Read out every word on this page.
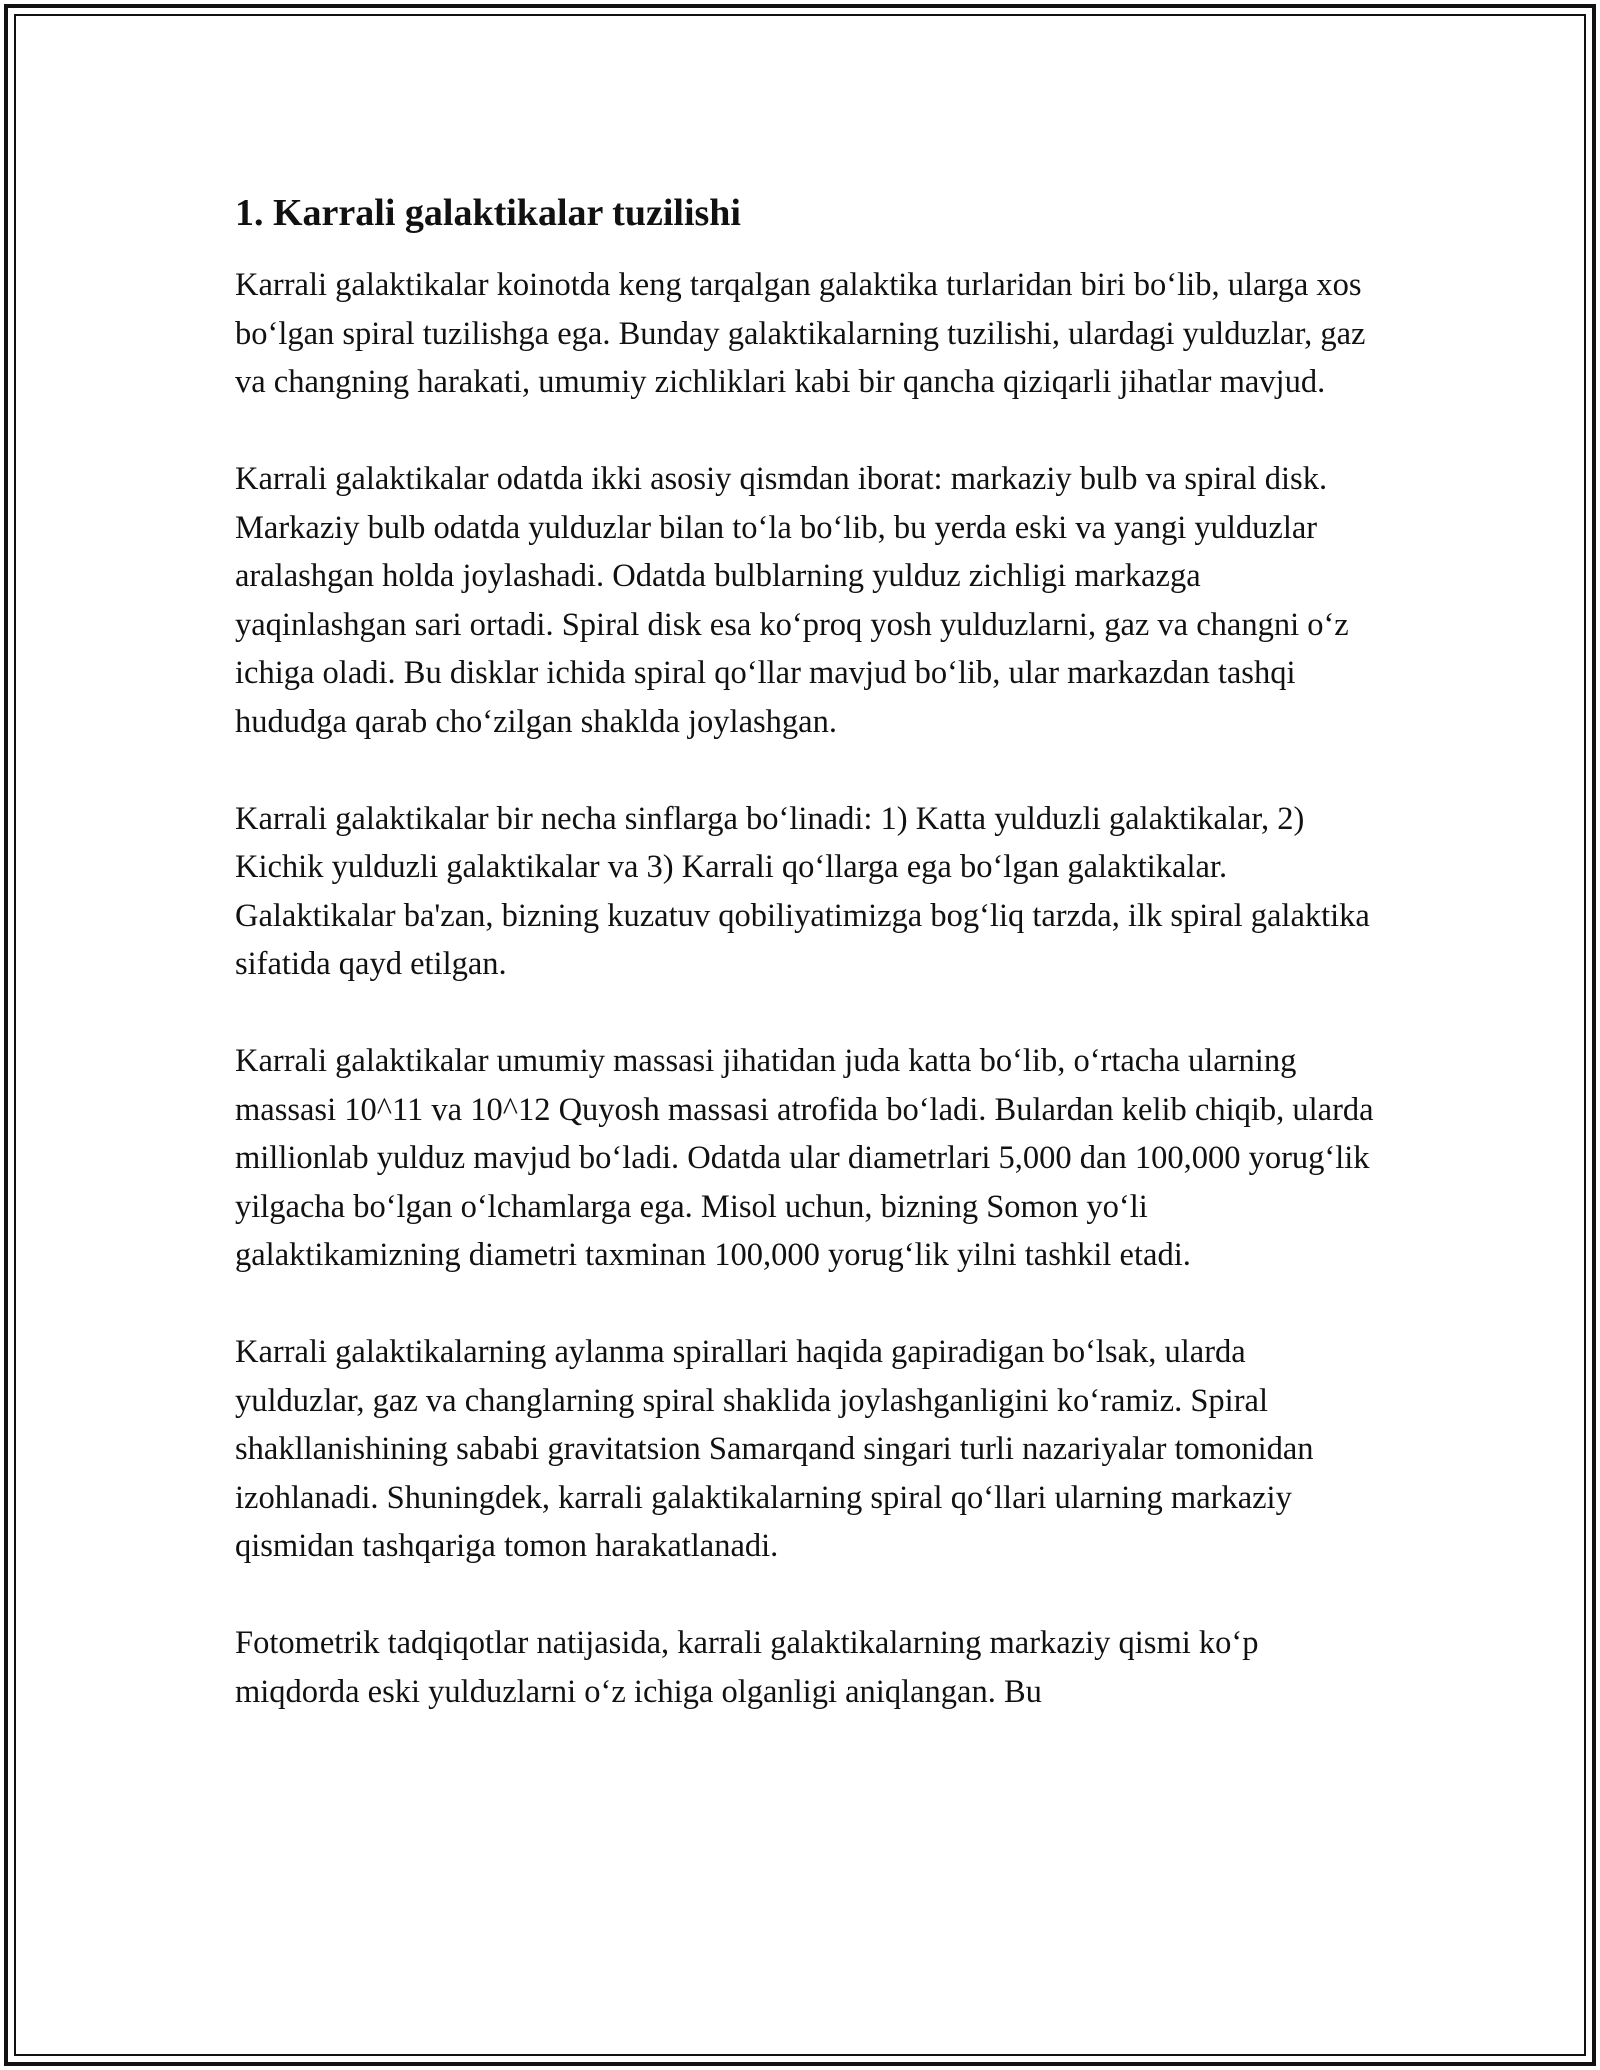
1. Karrali galaktikalar tuzilishi

Karrali galaktikalar koinotda keng tarqalgan galaktika turlaridan biri bo‘lib, ularga xos bo‘lgan spiral tuzilishga ega. Bunday galaktikalarning tuzilishi, ulardagi yulduzlar, gaz va changning harakati, umumiy zichliklari kabi bir qancha qiziqarli jihatlar mavjud.

Karrali galaktikalar odatda ikki asosiy qismdan iborat: markaziy bulb va spiral disk. Markaziy bulb odatda yulduzlar bilan to‘la bo‘lib, bu yerda eski va yangi yulduzlar aralashgan holda joylashadi. Odatda bulblarning yulduz zichligi markazga yaqinlashgan sari ortadi. Spiral disk esa ko‘proq yosh yulduzlarni, gaz va changni o‘z ichiga oladi. Bu disklar ichida spiral qo‘llar mavjud bo‘lib, ular markazdan tashqi hududga qarab cho‘zilgan shaklda joylashgan.

Karrali galaktikalar bir necha sinflarga bo‘linadi: 1) Katta yulduzli galaktikalar, 2) Kichik yulduzli galaktikalar va 3) Karrali qo‘llarga ega bo‘lgan galaktikalar. Galaktikalar ba'zan, bizning kuzatuv qobiliyatimizga bog‘liq tarzda, ilk spiral galaktika sifatida qayd etilgan.

Karrali galaktikalar umumiy massasi jihatidan juda katta bo‘lib, o‘rtacha ularning massasi 10^11 va 10^12 Quyosh massasi atrofida bo‘ladi. Bulardan kelib chiqib, ularda millionlab yulduz mavjud bo‘ladi. Odatda ular diametrlari 5,000 dan 100,000 yorug‘lik yilgacha bo‘lgan o‘lchamlarga ega. Misol uchun, bizning Somon yo‘li galaktikamizning diametri taxminan 100,000 yorug‘lik yilni tashkil etadi.

Karrali galaktikalarning aylanma spirallari haqida gapiradigan bo‘lsak, ularda yulduzlar, gaz va changlarning spiral shaklida joylashganligini ko‘ramiz. Spiral shakllanishining sababi gravitatsion Samarqand singari turli nazariyalar tomonidan izohlanadi. Shuningdek, karrali galaktikalarning spiral qo‘llari ularning markaziy qismidan tashqariga tomon harakatlanadi.

Fotometrik tadqiqotlar natijasida, karrali galaktikalarning markaziy qismi ko‘p miqdorda eski yulduzlarni o‘z ichiga olganligi aniqlangan. Bu
